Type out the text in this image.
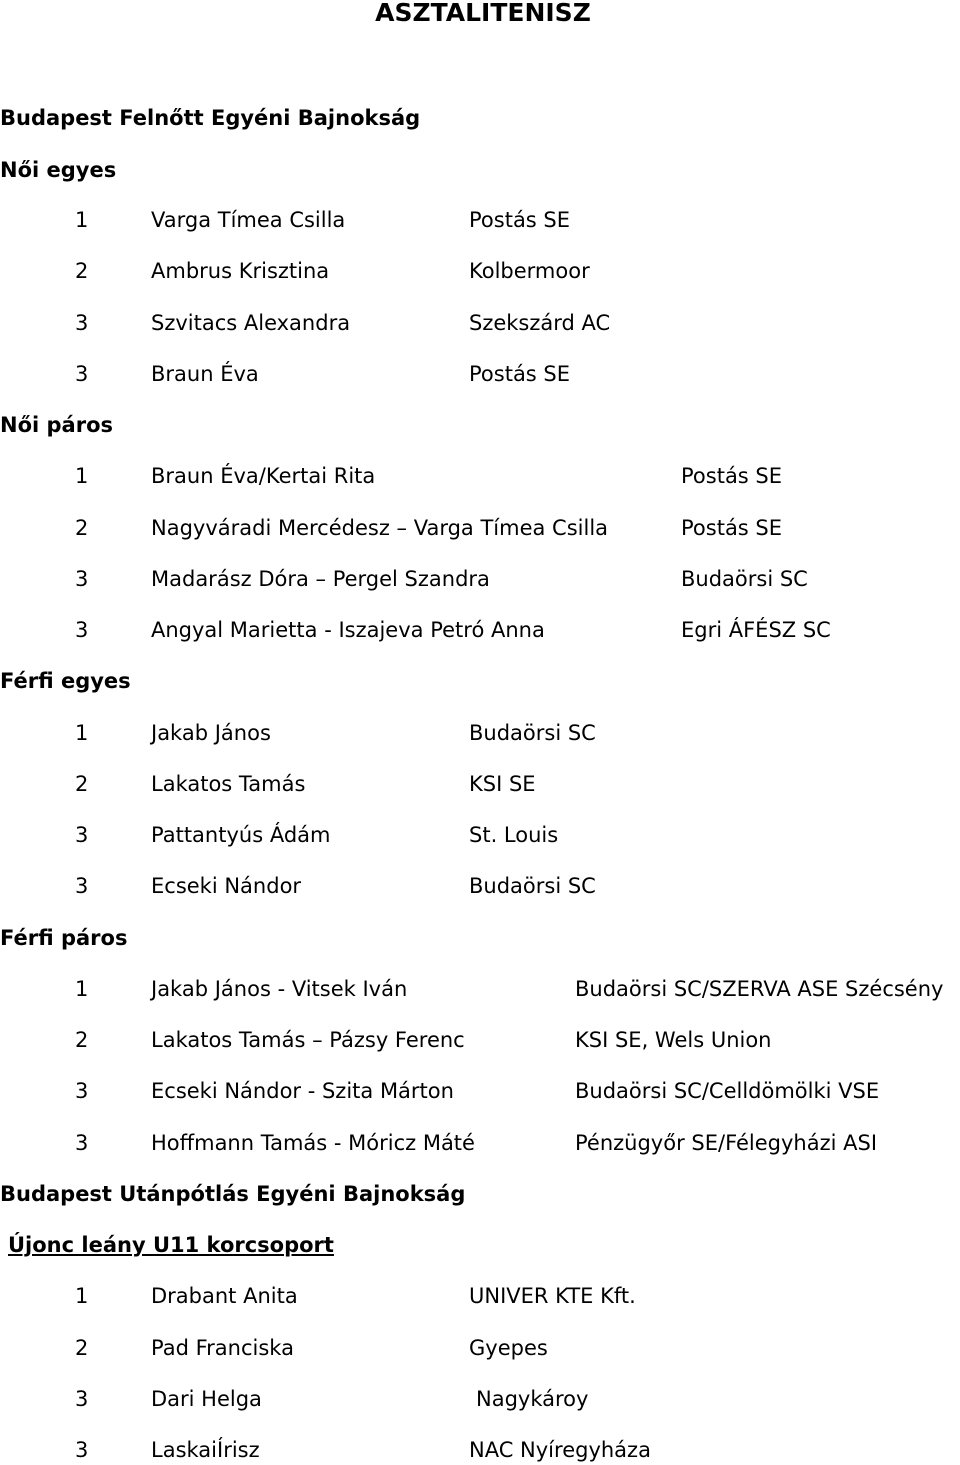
ASZTALITENISZ
Budapest Felnőtt Egyéni Bajnokság
Női egyes
1	Varga Tímea Csilla	Postás SE
2	Ambrus Krisztina	Kolbermoor
3	Szvitacs Alexandra	Szekszárd AC
3	Braun Éva	Postás SE
Női páros
1	Braun Éva/Kertai Rita	Postás SE
2	Nagyváradi Mercédesz – Varga Tímea Csilla	Postás SE
3	Madarász Dóra – Pergel Szandra	Budaörsi SC
3	Angyal Marietta - Iszajeva Petró Anna	Egri ÁFÉSZ SC
Férfi egyes
1	Jakab János	Budaörsi SC
2	Lakatos Tamás	KSI SE
3	Pattantyús Ádám	St. Louis
3	Ecseki Nándor	Budaörsi SC
Férfi páros
1	Jakab János - Vitsek Iván	Budaörsi SC/SZERVA ASE Szécsény
2	Lakatos Tamás – Pázsy Ferenc	KSI SE, Wels Union
3	Ecseki Nándor - Szita Márton	Budaörsi SC/Celldömölki VSE
3	Hoffmann Tamás - Móricz Máté	Pénzügyőr SE/Félegyházi ASI
Budapest Utánpótlás Egyéni Bajnokság
Újonc leány U11 korcsoport
1	Drabant Anita	UNIVER KTE Kft.
2	Pad Franciska	Gyepes
3	Dari Helga	Nagykároy
3	LaskaiÍrisz	NAC Nyíregyháza
